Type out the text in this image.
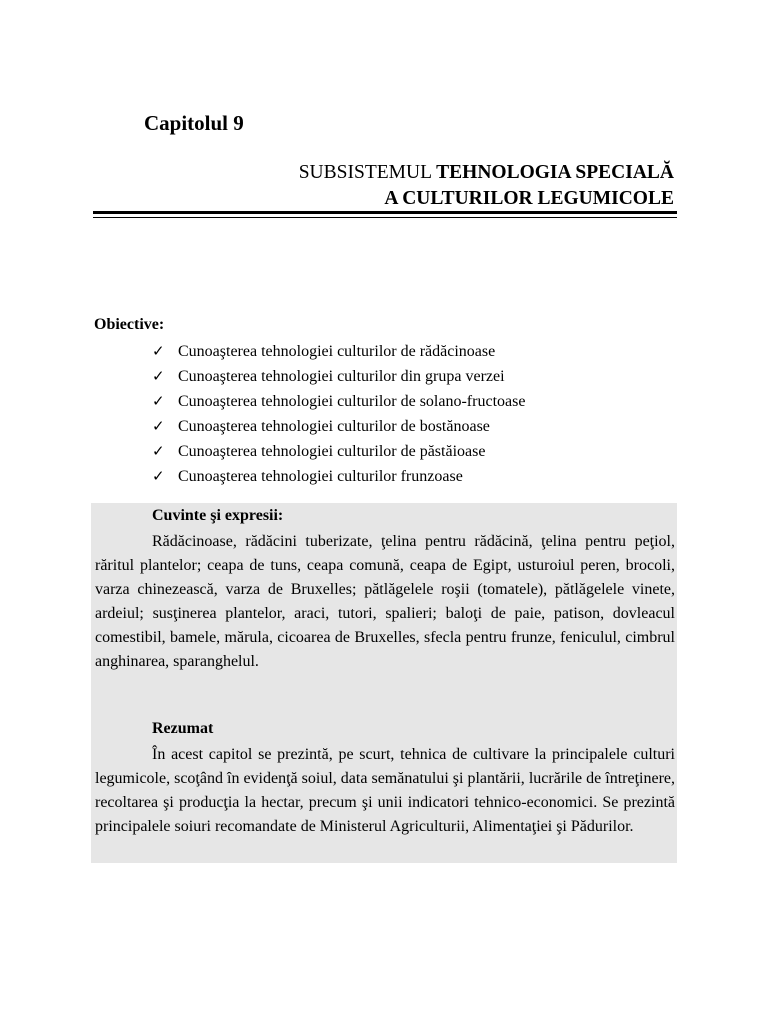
Capitolul 9
SUBSISTEMUL TEHNOLOGIA SPECIALĂ
A CULTURILOR LEGUMICOLE
Obiective:
✓ Cunoaşterea tehnologiei culturilor de rădăcinoase
✓ Cunoaşterea tehnologiei culturilor din grupa verzei
✓ Cunoaşterea tehnologiei culturilor de solano-fructoase
✓ Cunoaşterea tehnologiei culturilor de bostănoase
✓ Cunoaşterea tehnologiei culturilor de păstăioase
✓ Cunoaşterea tehnologiei culturilor frunzoase
Cuvinte şi expresii:

Rădăcinoase, rădăcini tuberizate, ţelina pentru rădăcină, ţelina pentru peţiol, răritul plantelor; ceapa de tuns, ceapa comună, ceapa de Egipt, usturoiul peren, brocoli, varza chinezească, varza de Bruxelles; pătlăgelele roşii (tomatele), pătlăgelele vinete, ardeiul; susţinerea plantelor, araci, tutori, spalieri; baloţi de paie, patison, dovleacul comestibil, bamele, mărula, cicoarea de Bruxelles, sfecla pentru frunze, feniculul, cimbrul anghinarea, sparanghelul.

Rezumat

În acest capitol se prezintă, pe scurt, tehnica de cultivare la principalele culturi legumicole, scoţând în evidenţă soiul, data semănatului şi plantării, lucrările de întreţinere, recoltarea şi producţia la hectar, precum şi unii indicatori tehnico-economici. Se prezintă principalele soiuri recomandate de Ministerul Agriculturii, Alimentaţiei şi Pădurilor.
